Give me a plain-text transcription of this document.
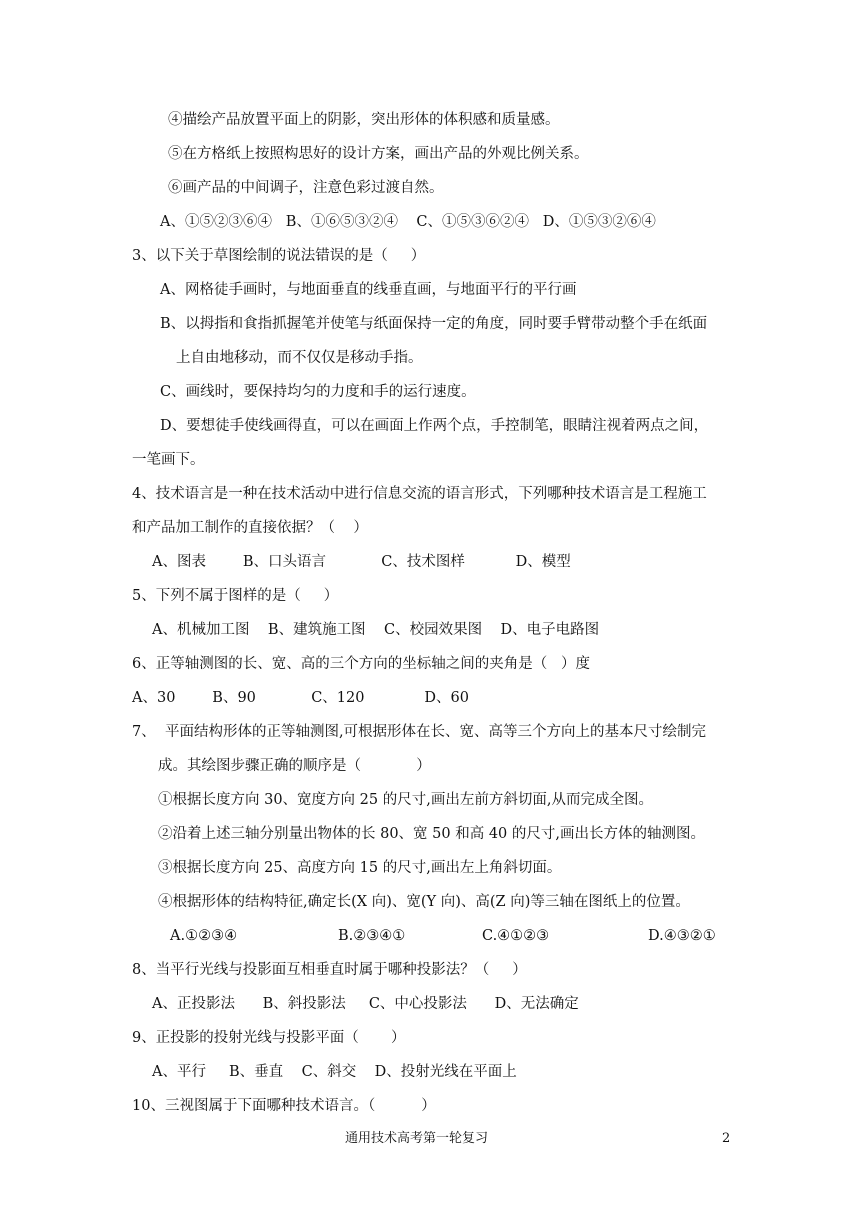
④描绘产品放置平面上的阴影，突出形体的体积感和质量感。
⑤在方格纸上按照构思好的设计方案，画出产品的外观比例关系。
⑥画产品的中间调子，注意色彩过渡自然。
A、①⑤②③⑥④   B、①⑥⑤③②④    C、①⑤③⑥②④   D、①⑤③②⑥④
3、以下关于草图绘制的说法错误的是（     ）
A、网格徒手画时，与地面垂直的线垂直画，与地面平行的平行画
B、以拇指和食指抓握笔并使笔与纸面保持一定的角度，同时要手臂带动整个手在纸面
上自由地移动，而不仅仅是移动手指。
C、画线时，要保持均匀的力度和手的运行速度。
D、要想徒手使线画得直，可以在画面上作两个点，手控制笔，眼睛注视着两点之间，
一笔画下。
4、技术语言是一种在技术活动中进行信息交流的语言形式，下列哪种技术语言是工程施工
和产品加工制作的直接依据？（    ）
A、图表        B、口头语言            C、技术图样           D、模型
5、下列不属于图样的是（     ）
A、机械加工图    B、建筑施工图    C、校园效果图    D、电子电路图
6、正等轴测图的长、宽、高的三个方向的坐标轴之间的夹角是（   ）度
A、30        B、90            C、120             D、60
7、  平面结构形体的正等轴测图,可根据形体在长、宽、高等三个方向上的基本尺寸绘制完
成。其绘图步骤正确的顺序是（            ）
①根据长度方向 30、宽度方向 25 的尺寸,画出左前方斜切面,从而完成全图。
②沿着上述三轴分别量出物体的长 80、宽 50 和高 40 的尺寸,画出长方体的轴测图。
③根据长度方向 25、高度方向 15 的尺寸,画出左上角斜切面。
④根据形体的结构特征,确定长(X 向)、宽(Y 向)、高(Z 向)等三轴在图纸上的位置。
A.①②③④	B.②③④①	C.④①②③	D.④③②①
8、当平行光线与投影面互相垂直时属于哪种投影法？（     ）
A、正投影法      B、斜投影法     C、中心投影法      D、无法确定
9、正投影的投射光线与投影平面（       ）
A、平行     B、垂直    C、斜交    D、投射光线在平面上
10、三视图属于下面哪种技术语言。（          ）
通用技术高考第一轮复习	2
